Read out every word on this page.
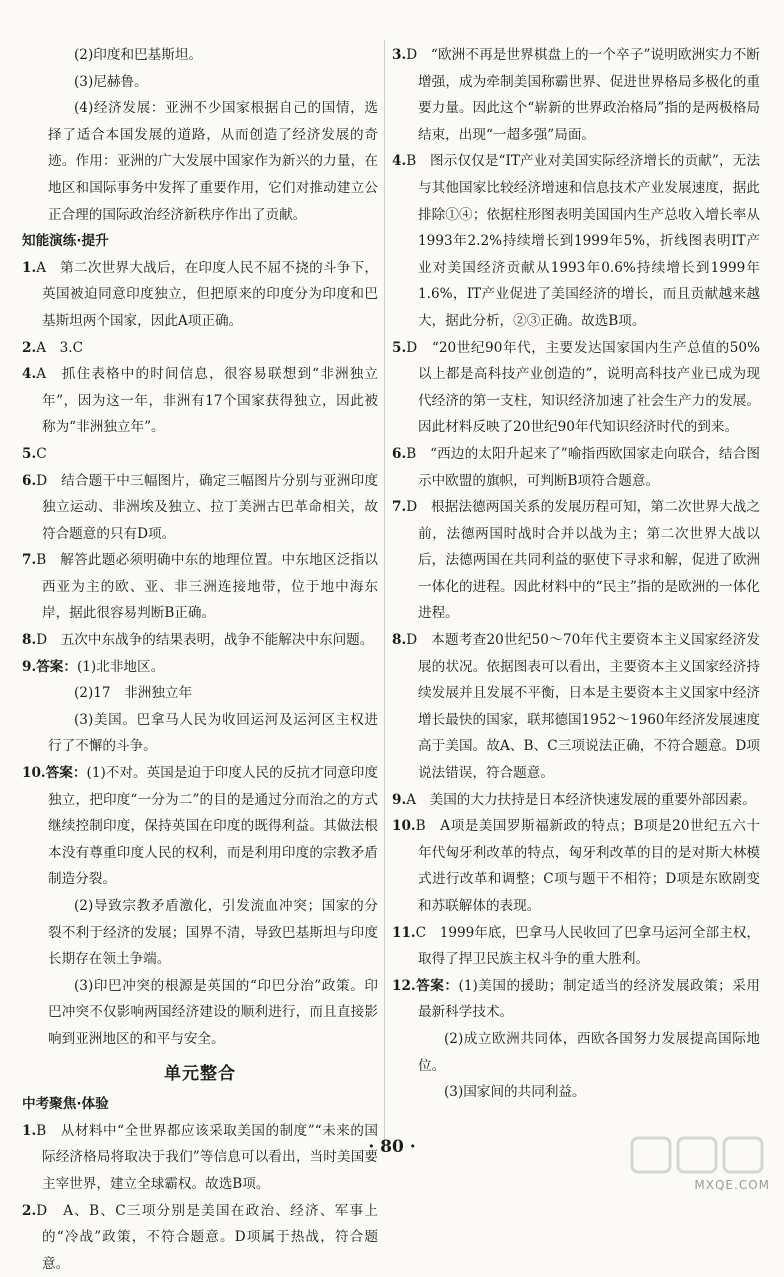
(2)印度和巴基斯坦。

(3)尼赫鲁。

(4)经济发展：亚洲不少国家根据自己的国情，选择了适合本国发展的道路，从而创造了经济发展的奇迹。作用：亚洲的广大发展中国家作为新兴的力量，在地区和国际事务中发挥了重要作用，它们对推动建立公正合理的国际政治经济新秩序作出了贡献。

知能演练·提升

1.A　 第二次世界大战后，在印度人民不屈不挠的斗争下，英国被迫同意印度独立，但把原来的印度分为印度和巴基斯坦两个国家，因此A项正确。

2.A　 3.C

4.A　 抓住表格中的时间信息，很容易联想到“非洲独立年”，因为这一年，非洲有17个国家获得独立，因此被称为“非洲独立年”。

5.C

6.D　 结合题干中三幅图片，确定三幅图片分别与亚洲印度独立运动、非洲埃及独立、拉丁美洲古巴革命相关，故符合题意的只有D项。

7.B　 解答此题必须明确中东的地理位置。中东地区泛指以西亚为主的欧、亚、非三洲连接地带，位于地中海东岸，据此很容易判断B正确。

8.D　 五次中东战争的结果表明，战争不能解决中东问题。

9.答案：(1)北非地区。

(2)17　非洲独立年

(3)美国。巴拿马人民为收回运河及运河区主权进行了不懈的斗争。

10.答案：(1)不对。英国是迫于印度人民的反抗才同意印度独立，把印度“一分为二”的目的是通过分而治之的方式继续控制印度，保持英国在印度的既得利益。其做法根本没有尊重印度人民的权利，而是利用印度的宗教矛盾制造分裂。

(2)导致宗教矛盾激化，引发流血冲突；国家的分裂不利于经济的发展；国界不清，导致巴基斯坦与印度长期存在领土争端。

(3)印巴冲突的根源是英国的“印巴分治”政策。印巴冲突不仅影响两国经济建设的顺利进行，而且直接影响到亚洲地区的和平与安全。

单元整合

中考聚焦·体验

1.B　 从材料中“全世界都应该采取美国的制度”“未来的国际经济格局将取决于我们”等信息可以看出，当时美国要主宰世界，建立全球霸权。故选B项。

2.D　 A、B、C三项分别是美国在政治、经济、军事上的“冷战”政策，不符合题意。D项属于热战，符合题意。

3.D　 “欧洲不再是世界棋盘上的一个卒子”说明欧洲实力不断增强，成为牵制美国称霸世界、促进世界格局多极化的重要力量。因此这个“崭新的世界政治格局”指的是两极格局结束，出现“一超多强”局面。

4.B　 图示仅仅是“IT产业对美国实际经济增长的贡献”，无法与其他国家比较经济增速和信息技术产业发展速度，据此排除①④；依据柱形图表明美国国内生产总收入增长率从1993年2.2%持续增长到1999年5%，折线图表明IT产业对美国经济贡献从1993年0.6%持续增长到1999年1.6%，IT产业促进了美国经济的增长，而且贡献越来越大，据此分析，②③正确。故选B项。

5.D　 “20世纪90年代，主要发达国家国内生产总值的50%以上都是高科技产业创造的”，说明高科技产业已成为现代经济的第一支柱，知识经济加速了社会生产力的发展。因此材料反映了20世纪90年代知识经济时代的到来。

6.B　 “西边的太阳升起来了”喻指西欧国家走向联合，结合图示中欧盟的旗帜，可判断B项符合题意。

7.D　 根据法德两国关系的发展历程可知，第二次世界大战之前，法德两国时战时合并以战为主；第二次世界大战以后，法德两国在共同利益的驱使下寻求和解，促进了欧洲一体化的进程。因此材料中的“民主”指的是欧洲的一体化进程。

8.D　 本题考查20世纪50～70年代主要资本主义国家经济发展的状况。依据图表可以看出，主要资本主义国家经济持续发展并且发展不平衡，日本是主要资本主义国家中经济增长最快的国家，联邦德国1952～1960年经济发展速度高于美国。故A、B、C三项说法正确，不符合题意。D项说法错误，符合题意。

9.A　 美国的大力扶持是日本经济快速发展的重要外部因素。

10.B　 A项是美国罗斯福新政的特点；B项是20世纪五六十年代匈牙利改革的特点，匈牙利改革的目的是对斯大林模式进行改革和调整；C项与题干不相符；D项是东欧剧变和苏联解体的表现。

11.C　 1999年底，巴拿马人民收回了巴拿马运河全部主权，取得了捍卫民族主权斗争的重大胜利。

12.答案：(1)美国的援助；制定适当的经济发展政策；采用最新科学技术。

(2)成立欧洲共同体，西欧各国努力发展提高国际地位。

(3)国家间的共同利益。

· 80 ·
MXQE.COM
